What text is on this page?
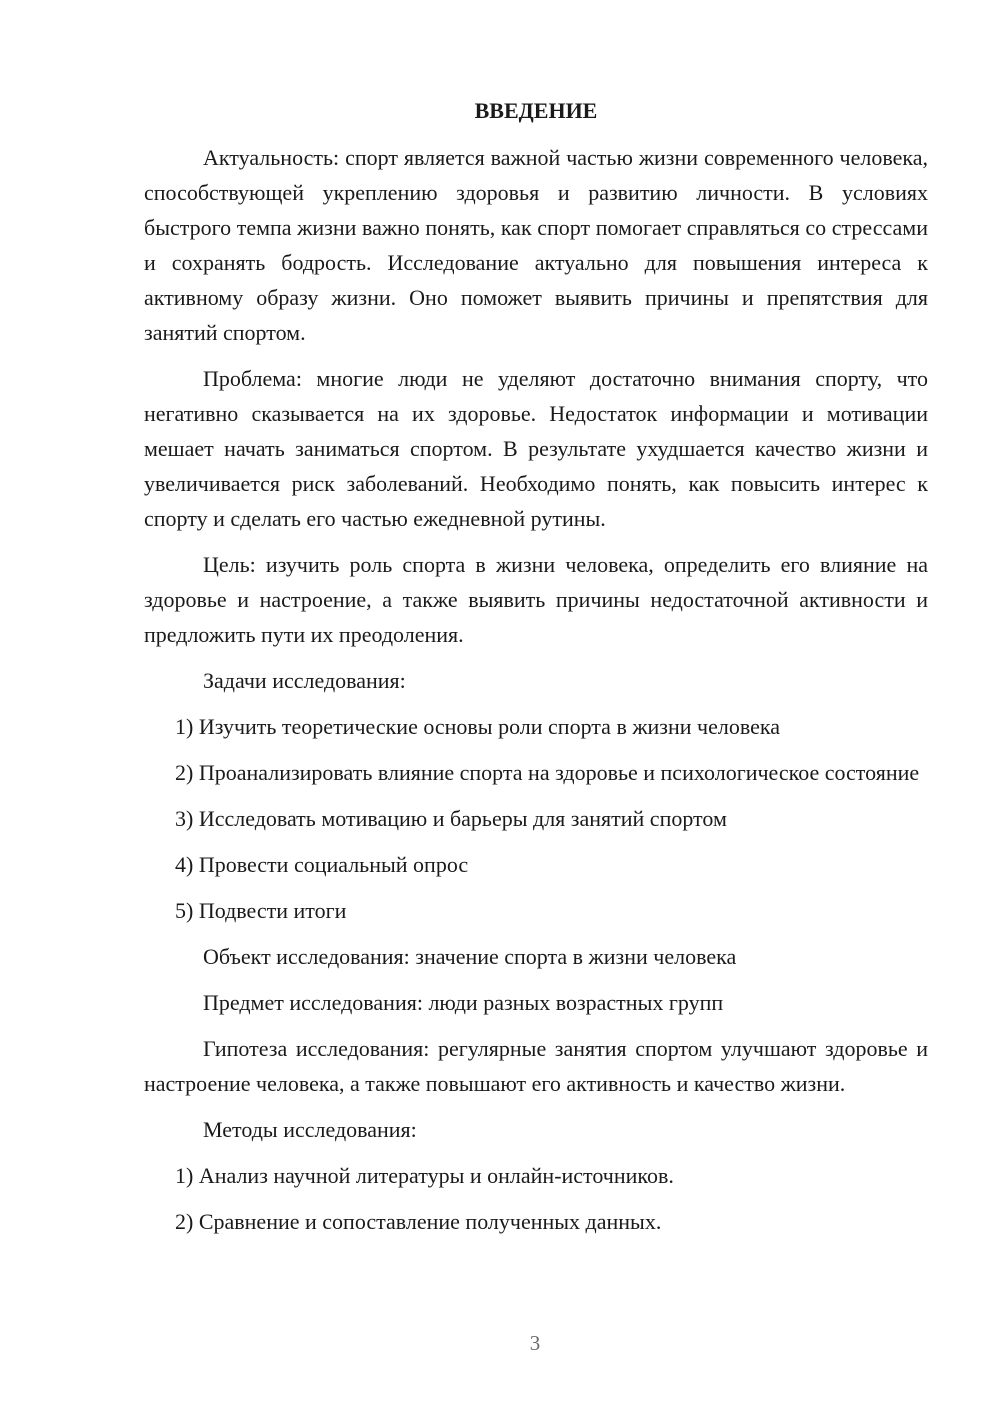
ВВЕДЕНИЕ

Актуальность: спорт является важной частью жизни современного человека, способствующей укреплению здоровья и развитию личности. В условиях быстрого темпа жизни важно понять, как спорт помогает справляться со стрессами и сохранять бодрость. Исследование актуально для повышения интереса к активному образу жизни. Оно поможет выявить причины и препятствия для занятий спортом.

Проблема: многие люди не уделяют достаточно внимания спорту, что негативно сказывается на их здоровье. Недостаток информации и мотивации мешает начать заниматься спортом. В результате ухудшается качество жизни и увеличивается риск заболеваний. Необходимо понять, как повысить интерес к спорту и сделать его частью ежедневной рутины.

Цель: изучить роль спорта в жизни человека, определить его влияние на здоровье и настроение, а также выявить причины недостаточной активности и предложить пути их преодоления.

Задачи исследования:

1) Изучить теоретические основы роли спорта в жизни человека

2) Проанализировать влияние спорта на здоровье и психологическое состояние

3) Исследовать мотивацию и барьеры для занятий спортом

4) Провести социальный опрос

5) Подвести итоги

Объект исследования: значение спорта в жизни человека

Предмет исследования: люди разных возрастных групп

Гипотеза исследования: регулярные занятия спортом улучшают здоровье и настроение человека, а также повышают его активность и качество жизни.

Методы исследования:

1) Анализ научной литературы и онлайн-источников.

2) Сравнение и сопоставление полученных данных.

3
